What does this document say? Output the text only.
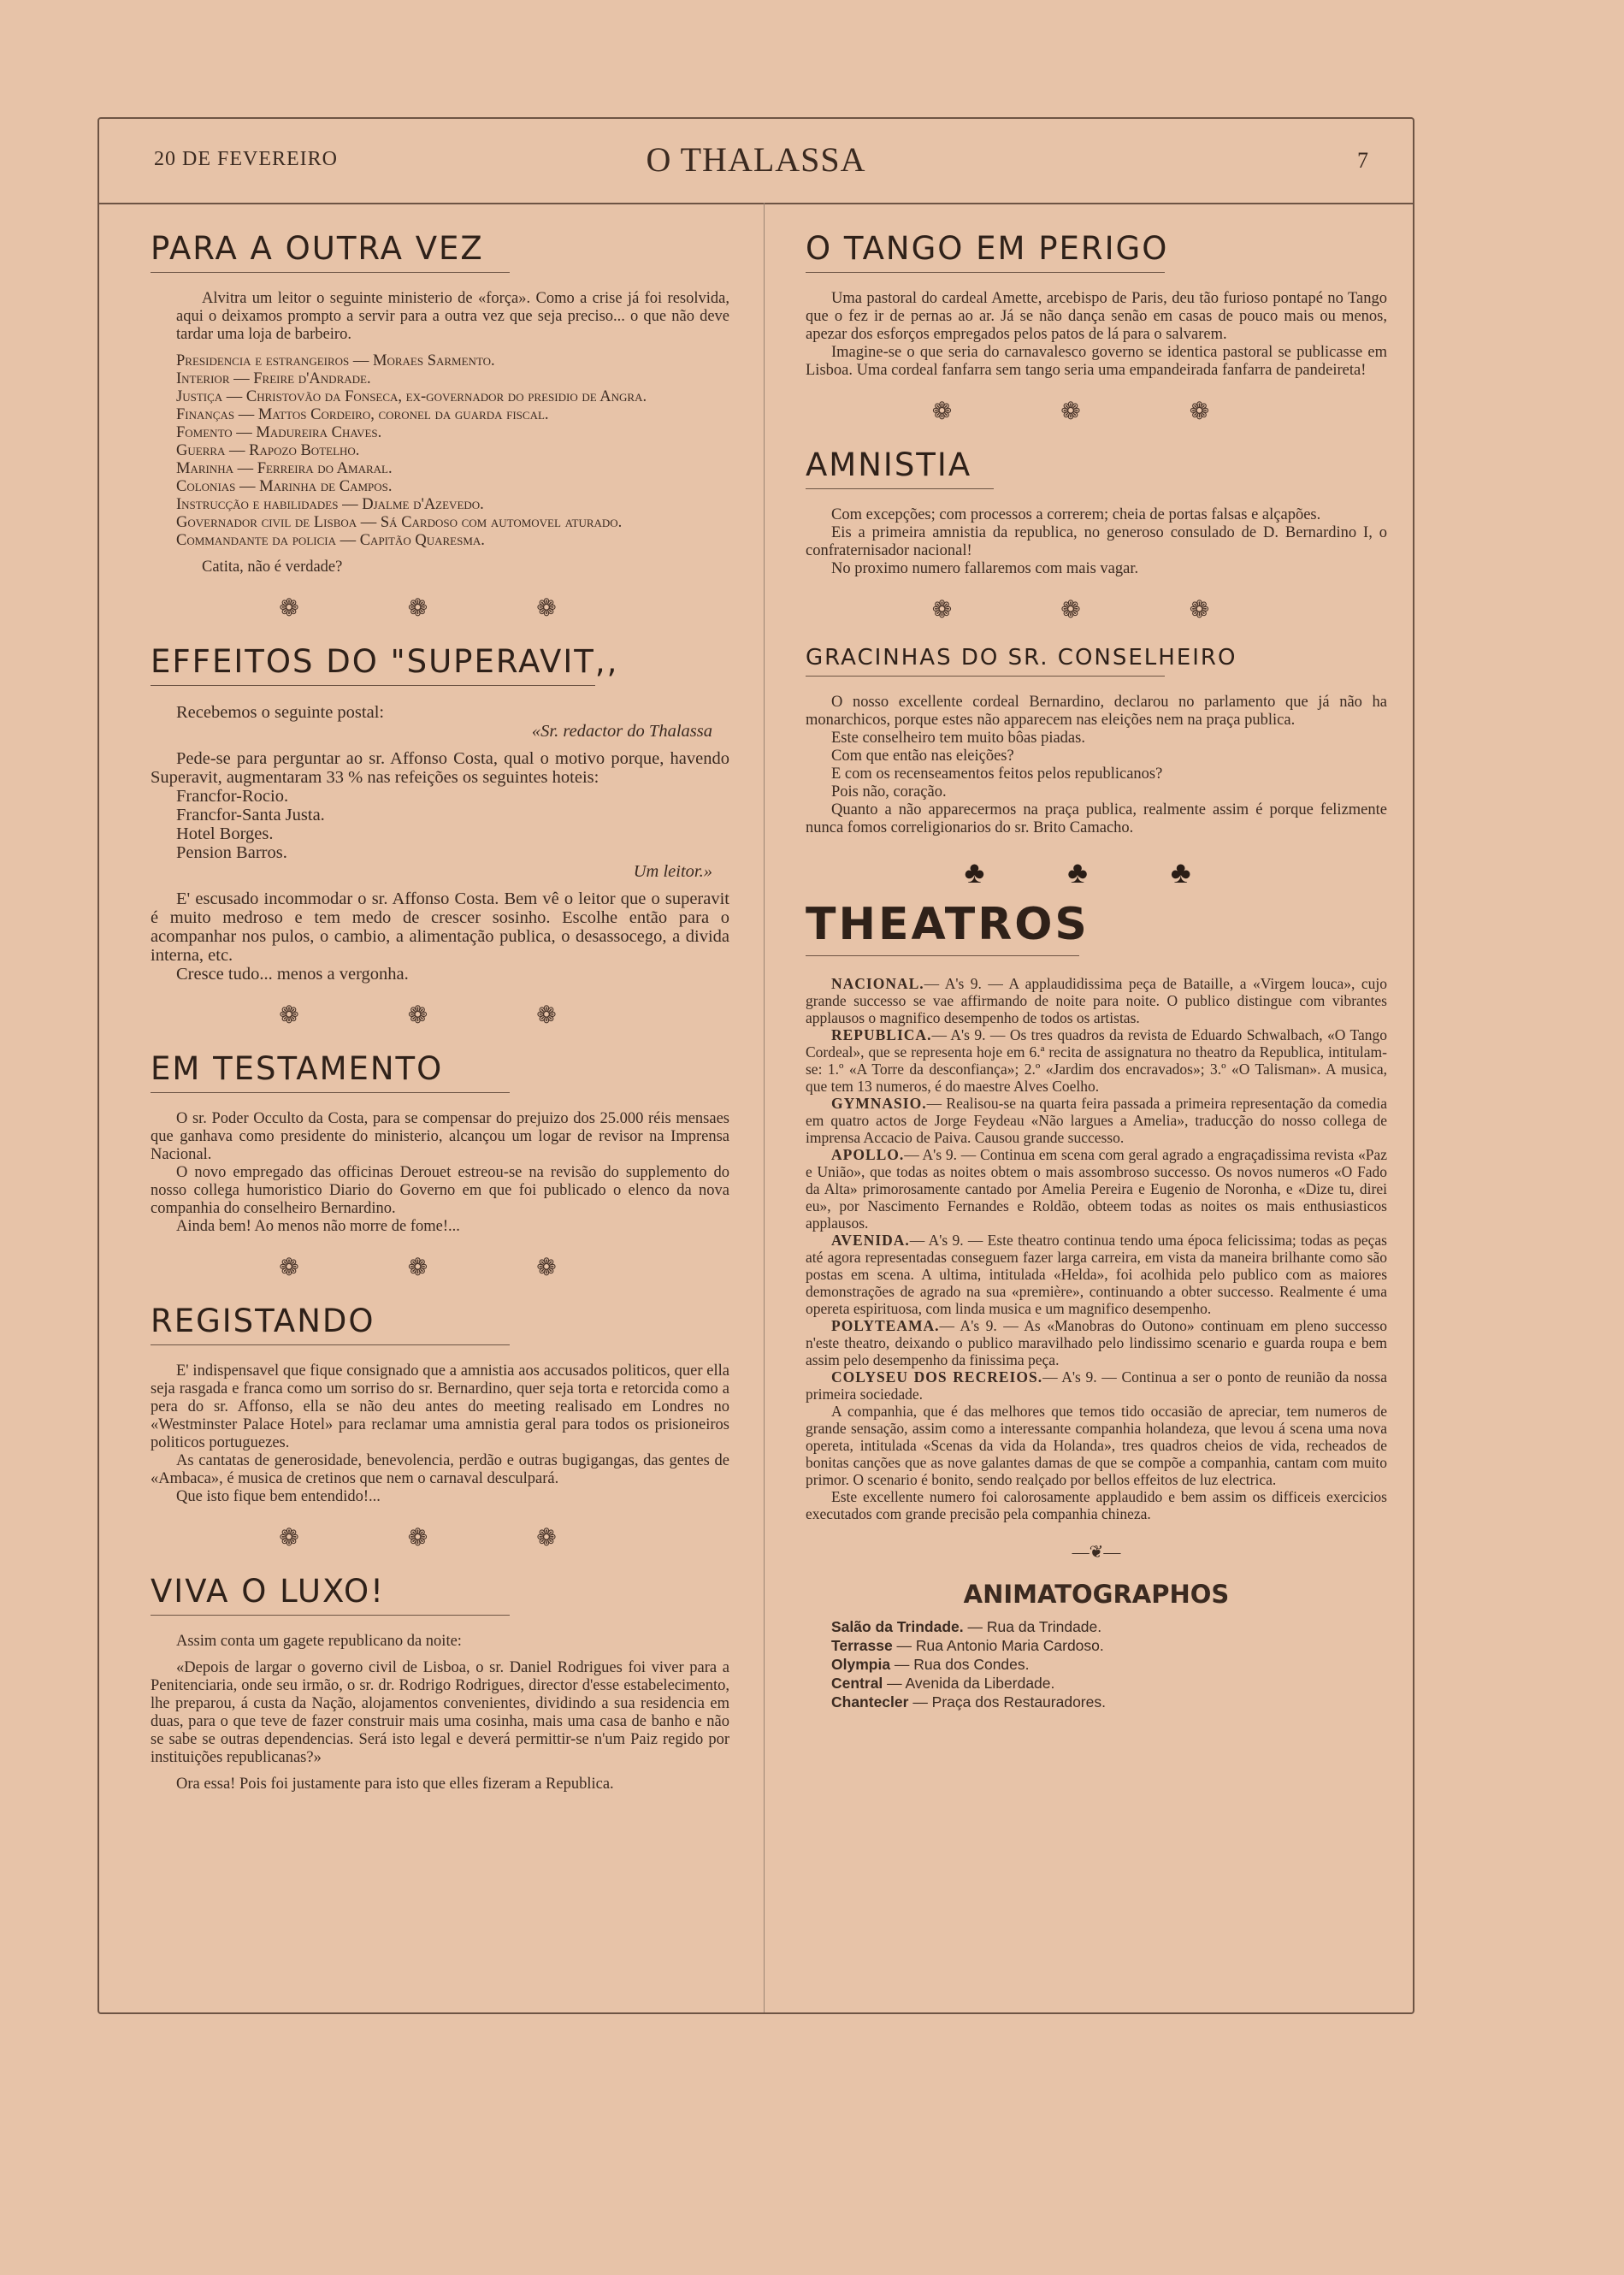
20 DE FEVEREIRO	O THALASSA	7
PARA A OUTRA VEZ

Alvitra um leitor o seguinte ministerio de «força». Como a crise já foi resolvida, aqui o deixamos prompto a servir para a outra vez que seja preciso... o que não deve tardar uma loja de barbeiro.

Presidencia e estrangeiros — Moraes Sarmento.

Interior — Freire d'Andrade.

Justiça — Christovão da Fonseca, ex-governador do presidio de Angra.

Finanças — Mattos Cordeiro, coronel da guarda fiscal.

Fomento — Madureira Chaves.

Guerra — Rapozo Botelho.

Marinha — Ferreira do Amaral.

Colonias — Marinha de Campos.

Instrucção e habilidades — Djalme d'Azevedo.

Governador civil de Lisboa — Sá Cardoso com automovel aturado.

Commandante da policia — Capitão Quaresma.

Catita, não é verdade?

❁ ❁ ❁
EFFEITOS DO "SUPERAVIT,,

Recebemos o seguinte postal:

«Sr. redactor do Thalassa

Pede-se para perguntar ao sr. Affonso Costa, qual o motivo porque, havendo Superavit, augmentaram 33 % nas refeições os seguintes hoteis:

Francfor-Rocio.

Francfor-Santa Justa.

Hotel Borges.

Pension Barros.

Um leitor.»

E' escusado incommodar o sr. Affonso Costa. Bem vê o leitor que o superavit é muito medroso e tem medo de crescer sosinho. Escolhe então para o acompanhar nos pulos, o cambio, a alimentação publica, o desassocego, a divida interna, etc.

Cresce tudo... menos a vergonha.

❁ ❁ ❁
EM TESTAMENTO

O sr. Poder Occulto da Costa, para se compensar do prejuizo dos 25.000 réis mensaes que ganhava como presidente do ministerio, alcançou um logar de revisor na Imprensa Nacional.

O novo empregado das officinas Derouet estreou-se na revisão do supplemento do nosso collega humoristico Diario do Governo em que foi publicado o elenco da nova companhia do conselheiro Bernardino.

Ainda bem! Ao menos não morre de fome!...

❁ ❁ ❁
REGISTANDO

E' indispensavel que fique consignado que a amnistia aos accusados politicos, quer ella seja rasgada e franca como um sorriso do sr. Bernardino, quer seja torta e retorcida como a pera do sr. Affonso, ella se não deu antes do meeting realisado em Londres no «Westminster Palace Hotel» para reclamar uma amnistia geral para todos os prisioneiros politicos portuguezes.

As cantatas de generosidade, benevolencia, perdão e outras bugigangas, das gentes de «Ambaca», é musica de cretinos que nem o carnaval desculpará.

Que isto fique bem entendido!...

❁ ❁ ❁
VIVA O LUXO!

Assim conta um gagete republicano da noite:

«Depois de largar o governo civil de Lisboa, o sr. Daniel Rodrigues foi viver para a Penitenciaria, onde seu irmão, o sr. dr. Rodrigo Rodrigues, director d'esse estabelecimento, lhe preparou, á custa da Nação, alojamentos convenientes, dividindo a sua residencia em duas, para o que teve de fazer construir mais uma cosinha, mais uma casa de banho e não se sabe se outras dependencias. Será isto legal e deverá permittir-se n'um Paiz regido por instituições republicanas?»

Ora essa! Pois foi justamente para isto que elles fizeram a Republica.

O TANGO EM PERIGO

Uma pastoral do cardeal Amette, arcebispo de Paris, deu tão furioso pontapé no Tango que o fez ir de pernas ao ar. Já se não dança senão em casas de pouco mais ou menos, apezar dos esforços empregados pelos patos de lá para o salvarem.

Imagine-se o que seria do carnavalesco governo se identica pastoral se publicasse em Lisboa. Uma cordeal fanfarra sem tango seria uma empandeirada fanfarra de pandeireta!

❁ ❁ ❁
AMNISTIA

Com excepções; com processos a correrem; cheia de portas falsas e alçapões.

Eis a primeira amnistia da republica, no generoso consulado de D. Bernardino I, o confraternisador nacional!

No proximo numero fallaremos com mais vagar.

❁ ❁ ❁
GRACINHAS DO SR. CONSELHEIRO

O nosso excellente cordeal Bernardino, declarou no parlamento que já não ha monarchicos, porque estes não apparecem nas eleições nem na praça publica.

Este conselheiro tem muito bôas piadas.

Com que então nas eleições?

E com os recenseamentos feitos pelos republicanos?

Pois não, coração.

Quanto a não apparecermos na praça publica, realmente assim é porque felizmente nunca fomos correligionarios do sr. Brito Camacho.

♣ ♣ ♣
THEATROS

NACIONAL.— A's 9. — A applaudidissima peça de Bataille, a «Virgem louca», cujo grande successo se vae affirmando de noite para noite. O publico distingue com vibrantes applausos o magnifico desempenho de todos os artistas.

REPUBLICA.— A's 9. — Os tres quadros da revista de Eduardo Schwalbach, «O Tango Cordeal», que se representa hoje em 6.ª recita de assignatura no theatro da Republica, intitulam-se: 1.º «A Torre da desconfiança»; 2.º «Jardim dos encravados»; 3.º «O Talisman». A musica, que tem 13 numeros, é do maestre Alves Coelho.

GYMNASIO.— Realisou-se na quarta feira passada a primeira representação da comedia em quatro actos de Jorge Feydeau «Não largues a Amelia», traducção do nosso collega de imprensa Accacio de Paiva. Causou grande successo.

APOLLO.— A's 9. — Continua em scena com geral agrado a engraçadissima revista «Paz e União», que todas as noites obtem o mais assombroso successo. Os novos numeros «O Fado da Alta» primorosamente cantado por Amelia Pereira e Eugenio de Noronha, e «Dize tu, direi eu», por Nascimento Fernandes e Roldão, obteem todas as noites os mais enthusiasticos applausos.

AVENIDA.— A's 9. — Este theatro continua tendo uma época felicissima; todas as peças até agora representadas conseguem fazer larga carreira, em vista da maneira brilhante como são postas em scena. A ultima, intitulada «Helda», foi acolhida pelo publico com as maiores demonstrações de agrado na sua «première», continuando a obter successo. Realmente é uma opereta espirituosa, com linda musica e um magnifico desempenho.

POLYTEAMA.— A's 9. — As «Manobras do Outono» continuam em pleno successo n'este theatro, deixando o publico maravilhado pelo lindissimo scenario e guarda roupa e bem assim pelo desempenho da finissima peça.

COLYSEU DOS RECREIOS.— A's 9. — Continua a ser o ponto de reunião da nossa primeira sociedade.

A companhia, que é das melhores que temos tido occasião de apreciar, tem numeros de grande sensação, assim como a interessante companhia holandeza, que levou á scena uma nova opereta, intitulada «Scenas da vida da Holanda», tres quadros cheios de vida, recheados de bonitas canções que as nove galantes damas de que se compõe a companhia, cantam com muito primor. O scenario é bonito, sendo realçado por bellos effeitos de luz electrica.

Este excellente numero foi calorosamente applaudido e bem assim os difficeis exercicios executados com grande precisão pela companhia chineza.

—❦—
ANIMATOGRAPHOS

Salão da Trindade. — Rua da Trindade.

Terrasse — Rua Antonio Maria Cardoso.

Olympia — Rua dos Condes.

Central — Avenida da Liberdade.

Chantecler — Praça dos Restauradores.
